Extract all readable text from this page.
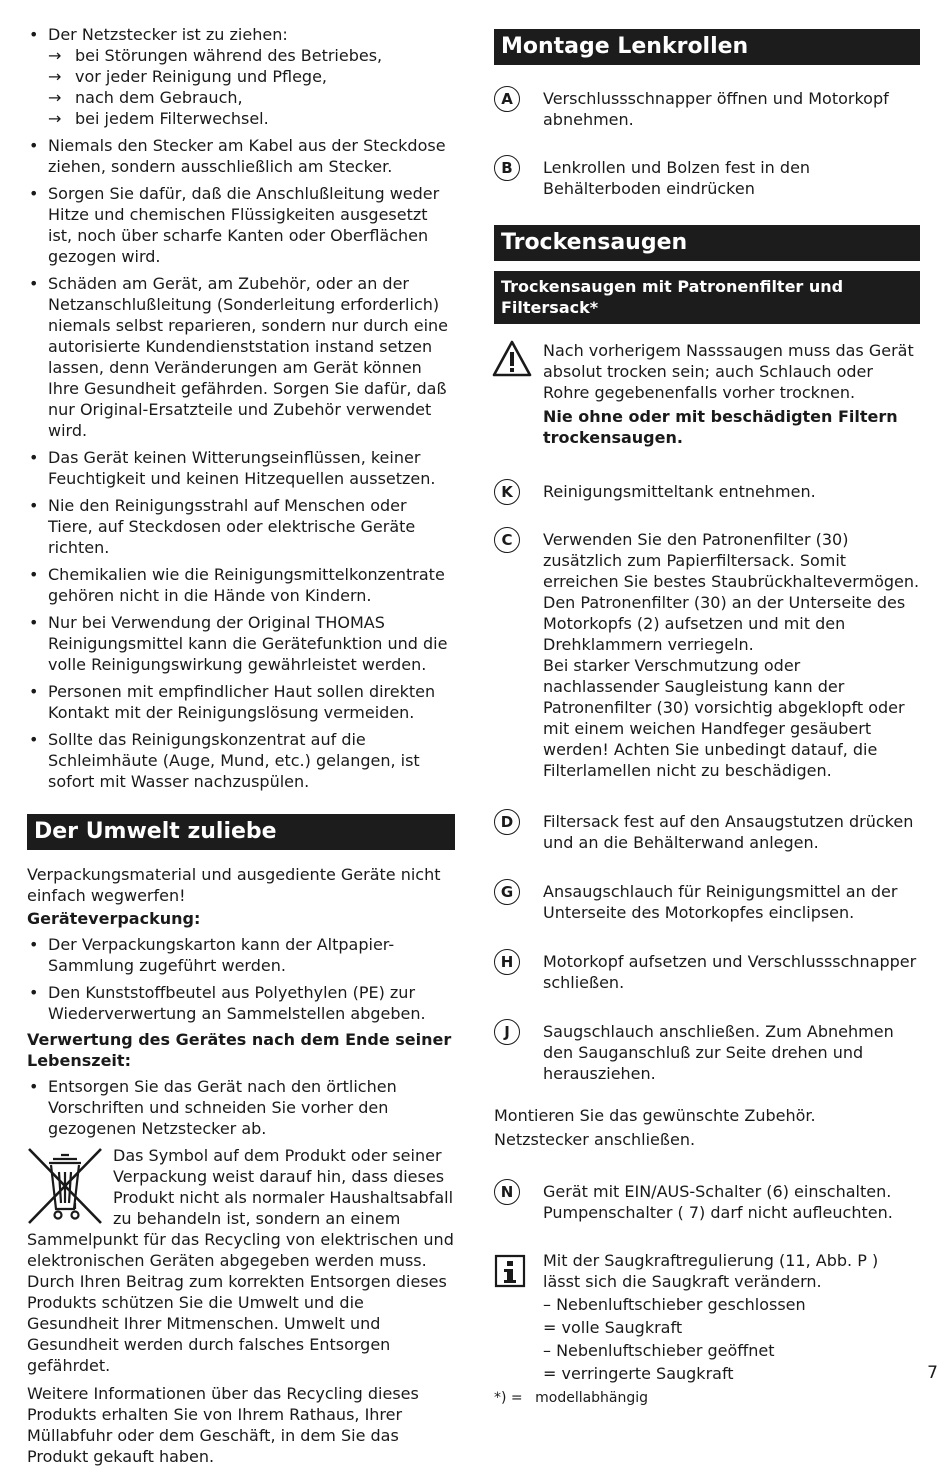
• Der Netzstecker ist zu ziehen:
→ bei Störungen während des Betriebes,
→ vor jeder Reinigung und Pflege,
→ nach dem Gebrauch,
→ bei jedem Filterwechsel.
• Niemals den Stecker am Kabel aus der Steckdose ziehen, sondern ausschließlich am Stecker.
• Sorgen Sie dafür, daß die Anschlußleitung weder Hitze und chemischen Flüssigkeiten ausgesetzt ist, noch über scharfe Kanten oder Oberflächen gezogen wird.
• Schäden am Gerät, am Zubehör, oder an der Netzanschlußleitung (Sonderleitung erforderlich) niemals selbst reparieren, sondern nur durch eine autorisierte Kundendienststation instand setzen lassen, denn Veränderungen am Gerät können Ihre Gesundheit gefährden. Sorgen Sie dafür, daß nur Original-Ersatzteile und Zubehör verwendet wird.
• Das Gerät keinen Witterungseinflüssen, keiner Feuchtigkeit und keinen Hitzequellen aussetzen.
• Nie den Reinigungsstrahl auf Menschen oder Tiere, auf Steckdosen oder elektrische Geräte richten.
• Chemikalien wie die Reinigungsmittelkonzentrate gehören nicht in die Hände von Kindern.
• Nur bei Verwendung der Original THOMAS Reinigungsmittel kann die Gerätefunktion und die volle Reinigungswirkung gewährleistet werden.
• Personen mit empfindlicher Haut sollen direkten Kontakt mit der Reinigungslösung vermeiden.
• Sollte das Reinigungskonzentrat auf die Schleimhäute (Auge, Mund, etc.) gelangen, ist sofort mit Wasser nachzuspülen.
Der Umwelt zuliebe

Verpackungsmaterial und ausgediente Geräte nicht einfach wegwerfen!

Geräteverpackung:

• Der Verpackungskarton kann der Altpapier-Sammlung zugeführt werden.
• Den Kunststoffbeutel aus Polyethylen (PE) zur Wiederverwertung an Sammelstellen abgeben.

Verwertung des Gerätes nach dem Ende seiner Lebenszeit:

• Entsorgen Sie das Gerät nach den örtlichen Vorschriften und schneiden Sie vorher den gezogenen Netzstecker ab.

Das Symbol auf dem Produkt oder seiner Verpackung weist darauf hin, dass dieses Produkt nicht als normaler Haushaltsabfall zu behandeln ist, sondern an einem Sammelpunkt für das Recycling von elektrischen und elektronischen Geräten abgegeben werden muss. Durch Ihren Beitrag zum korrekten Entsorgen dieses Produkts schützen Sie die Umwelt und die Gesundheit Ihrer Mitmenschen. Umwelt und Gesundheit werden durch falsches Entsorgen gefährdet.

Weitere Informationen über das Recycling dieses Produkts erhalten Sie von Ihrem Rathaus, Ihrer Müllabfuhr oder dem Geschäft, in dem Sie das Produkt gekauft haben.

Montage Lenkrollen
A	Verschlussschnapper öffnen und Motorkopf abnehmen.

B	Lenkrollen und Bolzen fest in den Behälterboden eindrücken

Trockensaugen
Trockensaugen mit Patronenfilter und Filtersack*

Nach vorherigem Nasssaugen muss das Gerät absolut trocken sein; auch Schlauch oder Rohre gegebenenfalls vorher trocknen.

Nie ohne oder mit beschädigten Filtern trockensaugen.

K	Reinigungsmitteltank entnehmen.

C	Verwenden Sie den Patronenfilter (30) zusätzlich zum Papierfiltersack. Somit erreichen Sie bestes Staubrückhaltevermögen.
Den Patronenfilter (30) an der Unterseite des Motorkopfs (2) aufsetzen und mit den Drehklammern verriegeln.
Bei starker Verschmutzung oder nachlassender Saugleistung kann der Patronenfilter (30) vorsichtig abgeklopft oder mit einem weichen Handfeger gesäubert werden! Achten Sie unbedingt datauf, die Filterlamellen nicht zu beschädigen.

D	Filtersack fest auf den Ansaugstutzen drücken und an die Behälterwand anlegen.

G	Ansaugschlauch für Reinigungsmittel an der Unterseite des Motorkopfes einclipsen.

H	Motorkopf aufsetzen und Verschlussschnapper schließen.

J	Saugschlauch anschließen. Zum Abnehmen den Sauganschluß zur Seite drehen und herausziehen.

Montieren Sie das gewünschte Zubehör.

Netzstecker anschließen.

N	Gerät mit EIN/AUS-Schalter (6) einschalten. Pumpenschalter ( 7) darf nicht aufleuchten.

Mit der Saugkraftregulierung (11, Abb. P ) lässt sich die Saugkraft verändern.

– Nebenluftschieber geschlossen

= volle Saugkraft

– Nebenluftschieber geöffnet

= verringerte Saugkraft

*) = modellabhängig

7
